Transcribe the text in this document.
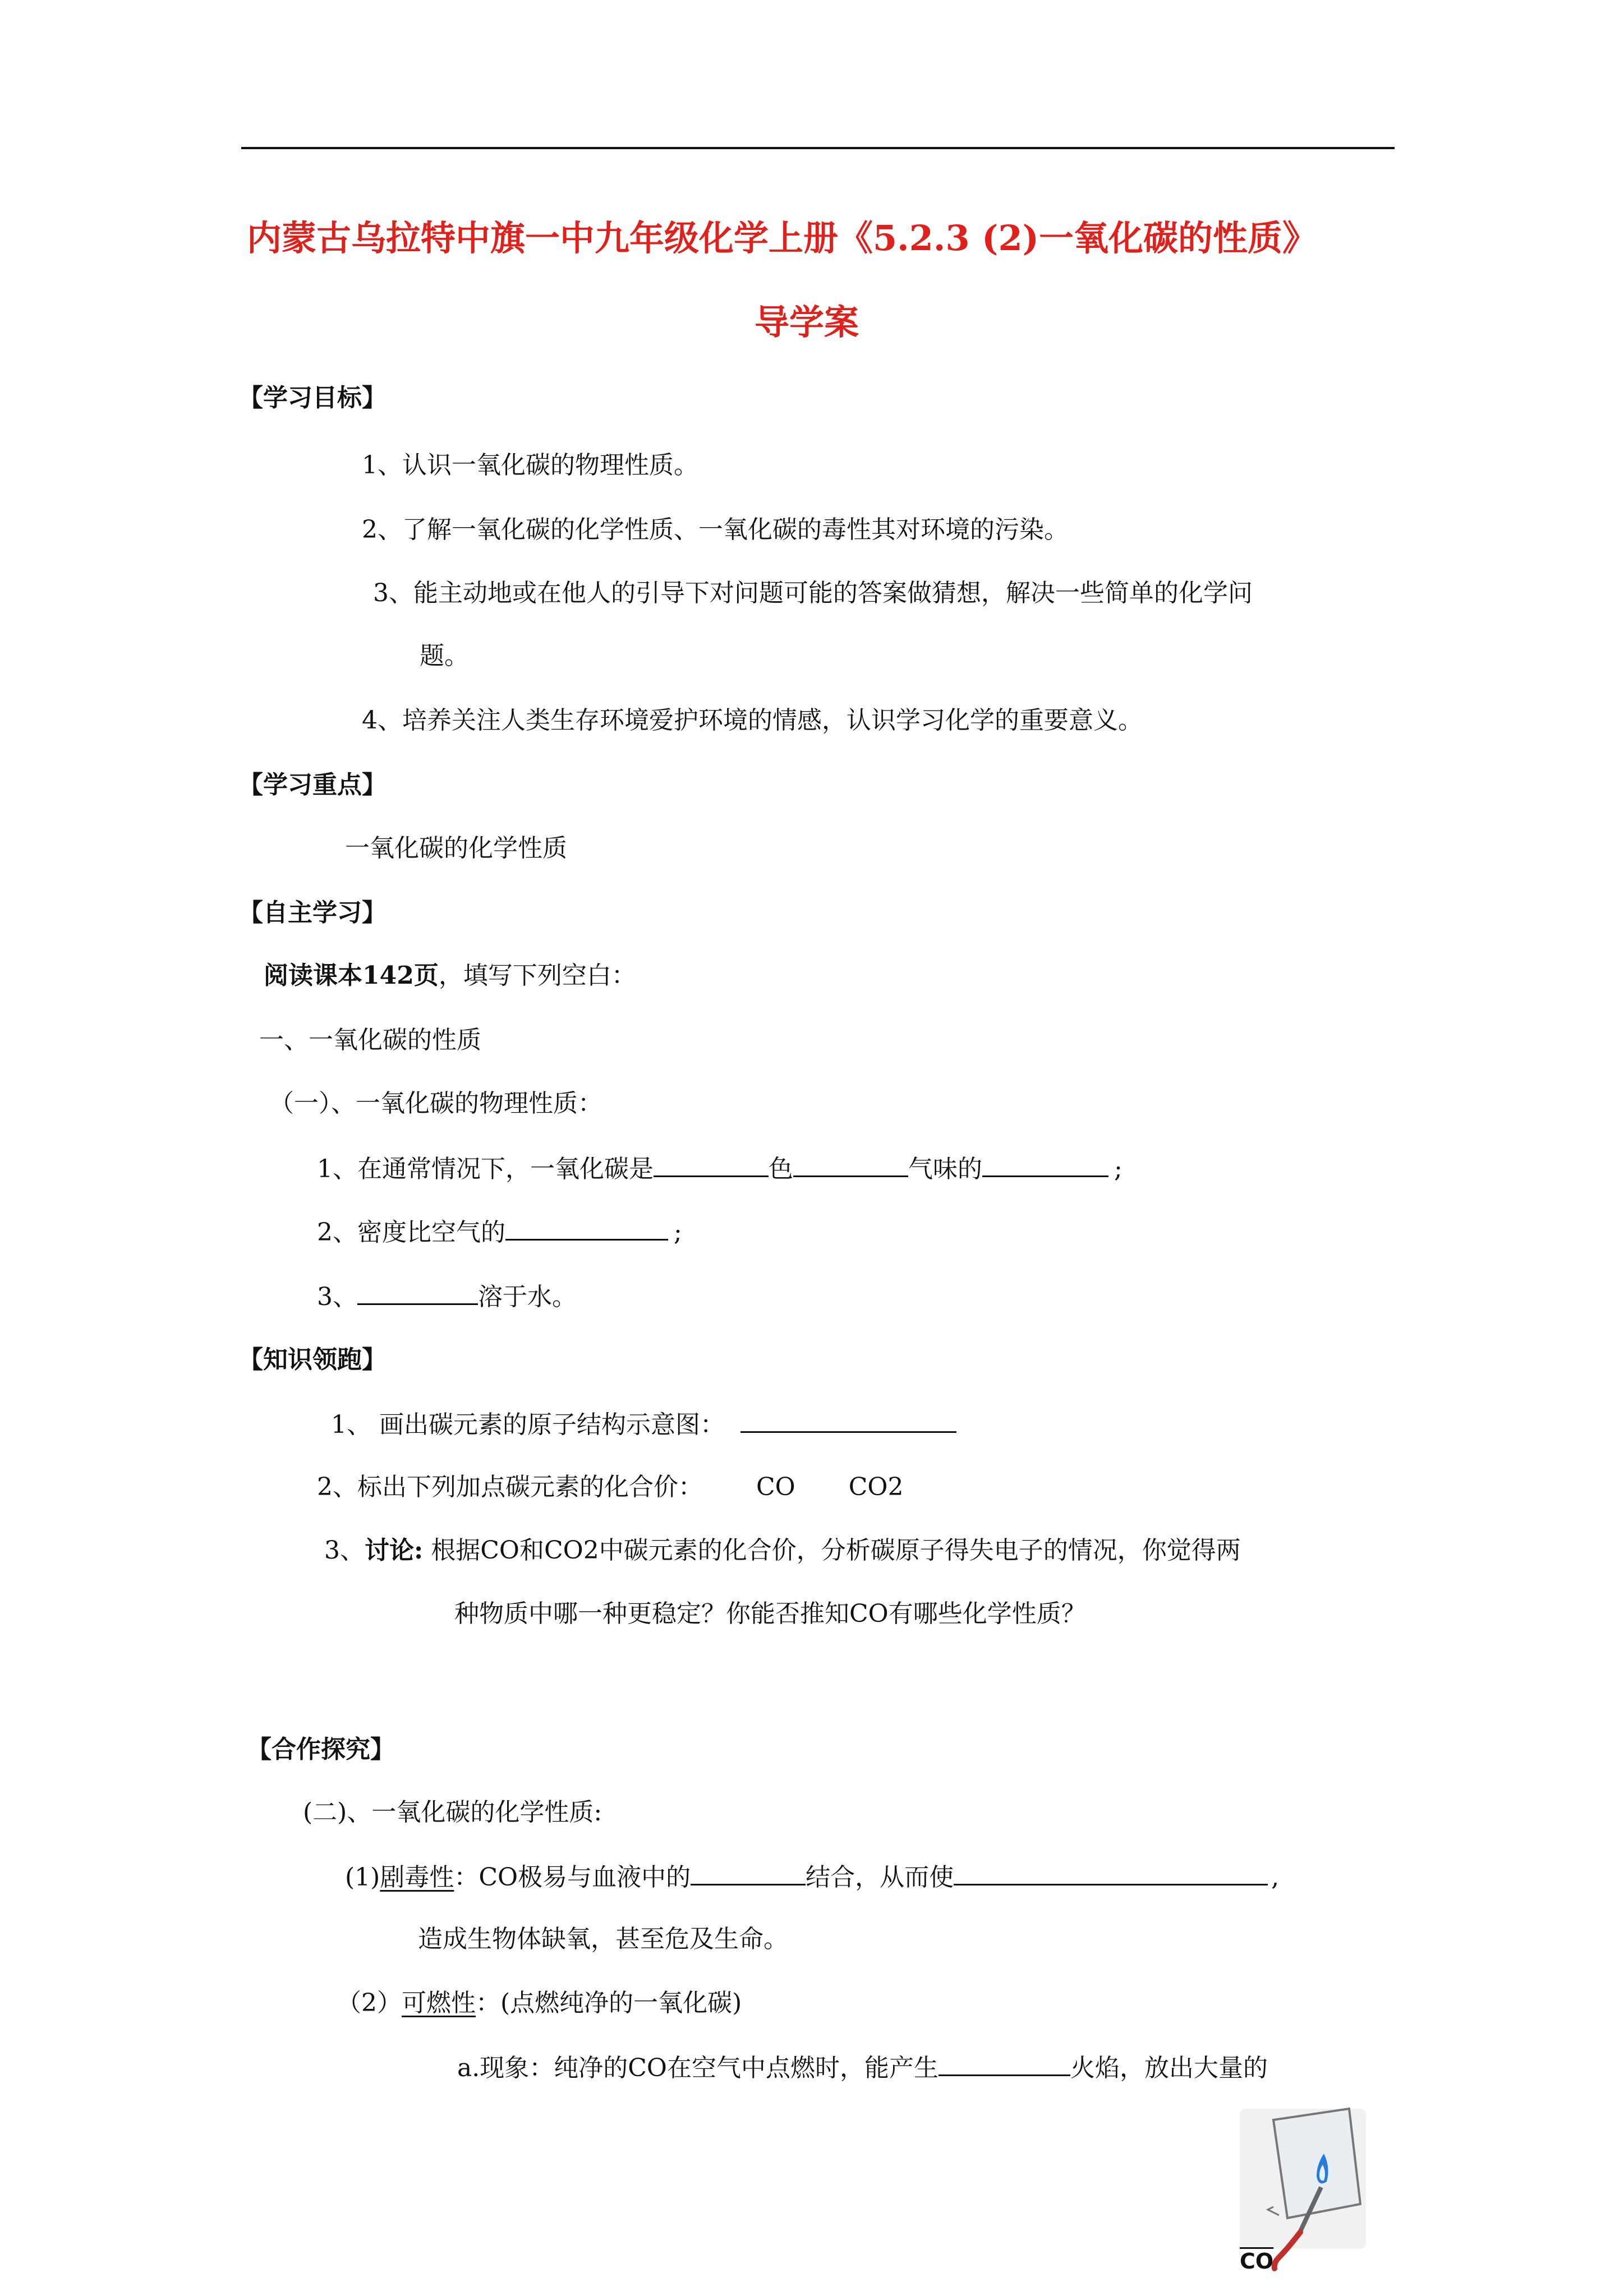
内蒙古乌拉特中旗一中九年级化学上册《5.2.3 (2)一氧化碳的性质》
导学案
【学习目标】
1、认识一氧化碳的物理性质。
2、了解一氧化碳的化学性质、一氧化碳的毒性其对环境的污染。
3、能主动地或在他人的引导下对问题可能的答案做猜想，解决一些简单的化学问
题。
4、培养关注人类生存环境爱护环境的情感，认识学习化学的重要意义。
【学习重点】
一氧化碳的化学性质
【自主学习】
阅读课本142页，填写下列空白：
一、一氧化碳的性质
（一）、一氧化碳的物理性质：
1、在通常情况下，一氧化碳是	色	气味的	;
2、密度比空气的	;
3、	溶于水。
【知识领跑】
1、 画出碳元素的原子结构示意图：
2、标出下列加点碳元素的化合价： CO CO2
3、讨论: 根据CO和CO2中碳元素的化合价，分析碳原子得失电子的情况，你觉得两
种物质中哪一种更稳定？你能否推知CO有哪些化学性质？
【合作探究】
(二)、一氧化碳的化学性质:
(1)剧毒性：CO极易与血液中的	结合，从而使	,
造成生物体缺氧，甚至危及生命。
（2）可燃性：(点燃纯净的一氧化碳)
a.现象：纯净的CO在空气中点燃时，能产生	火焰，放出大量的
$\overline{CO}$
